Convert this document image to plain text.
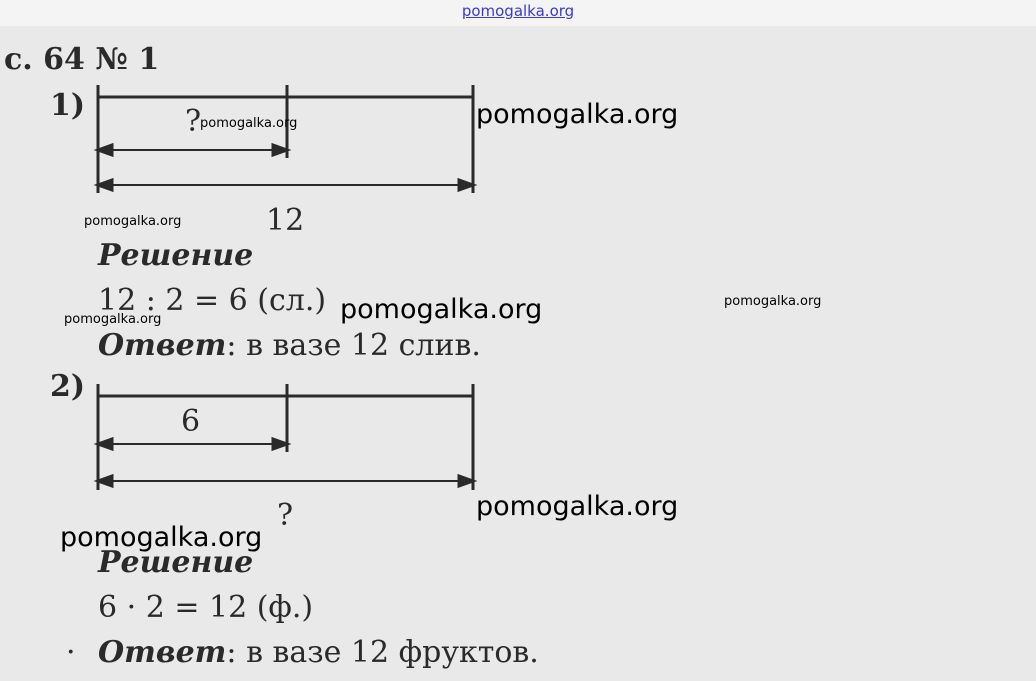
pomogalka.org
с. 64 № 1
1)	?
12
Решение
12 : 2 = 6 (сл.)
Ответ: в вазе 12 слив.
2)
6
?
Решение
6 · 2 = 12 (ф.)
· Ответ: в вазе 12 фруктов.
pomogalka.org
pomogalka.org
pomogalka.org
pomogalka.org
pomogalka.org
pomogalka.org
pomogalka.org
pomogalka.org
